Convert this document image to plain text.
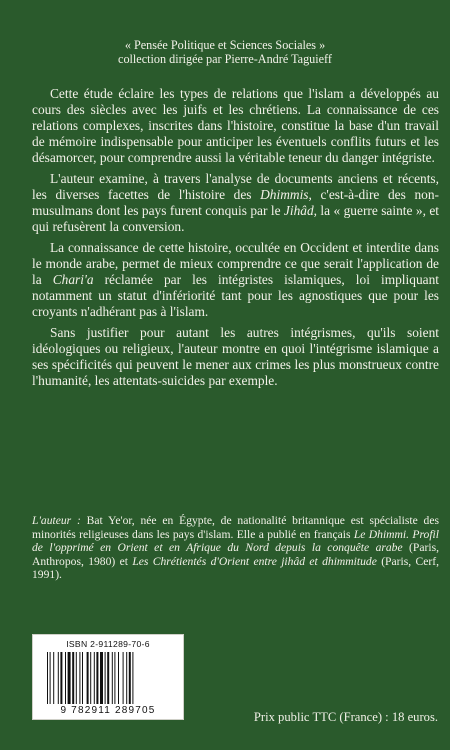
« Pensée Politique et Sciences Sociales »
collection dirigée par Pierre-André Taguieff

Cette étude éclaire les types de relations que l'islam a développés au cours des siècles avec les juifs et les chrétiens. La connaissance de ces relations complexes, inscrites dans l'histoire, constitue la base d'un travail de mémoire indispensable pour anticiper les éventuels conflits futurs et les désamorcer, pour comprendre aussi la véritable teneur du danger intégriste.

L'auteur examine, à travers l'analyse de documents anciens et récents, les diverses facettes de l'histoire des Dhimmis, c'est-à-dire des non-musulmans dont les pays furent conquis par le Jihâd, la « guerre sainte », et qui refusèrent la conversion.

La connaissance de cette histoire, occultée en Occident et interdite dans le monde arabe, permet de mieux comprendre ce que serait l'application de la Chari'a réclamée par les intégristes islamiques, loi impliquant notamment un statut d'infériorité tant pour les agnostiques que pour les croyants n'adhérant pas à l'islam.

Sans justifier pour autant les autres intégrismes, qu'ils soient idéologiques ou religieux, l'auteur montre en quoi l'intégrisme islamique a ses spécificités qui peuvent le mener aux crimes les plus monstrueux contre l'humanité, les attentats-suicides par exemple.

L'auteur : Bat Ye'or, née en Égypte, de nationalité britannique est spécialiste des minorités religieuses dans les pays d'islam. Elle a publié en français Le Dhimmi. Profil de l'opprimé en Orient et en Afrique du Nord depuis la conquête arabe (Paris, Anthropos, 1980) et Les Chrétientés d'Orient entre jihâd et dhimmitude (Paris, Cerf, 1991).

ISBN 2-911289-70-6
9 782911 289705	Prix public TTC (France) : 18 euros.
